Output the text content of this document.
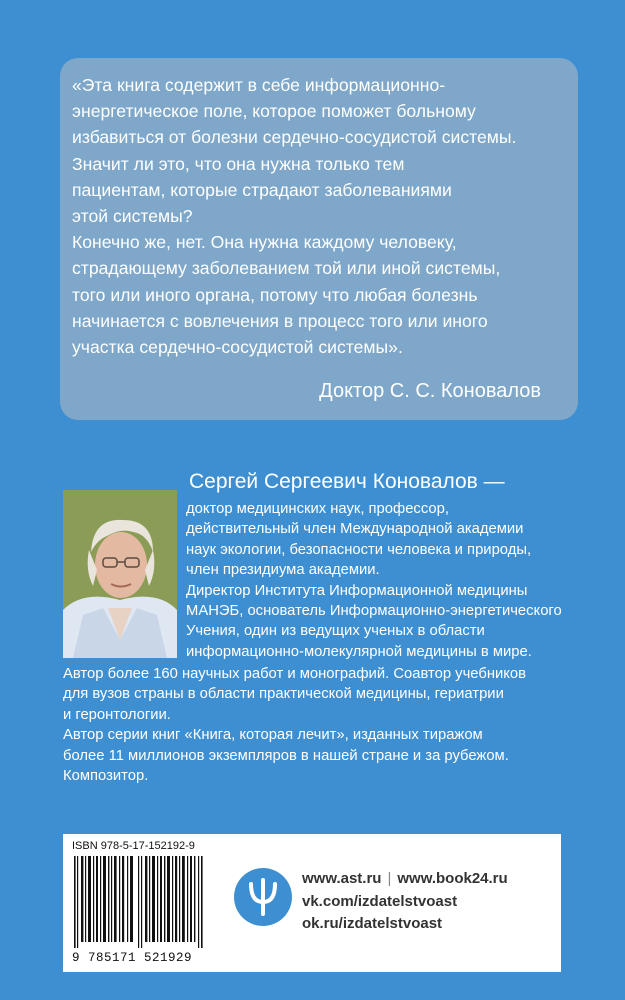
«Эта книга содержит в себе информационно-

энергетическое поле, которое поможет больному

избавиться от болезни сердечно-сосудистой системы.

Значит ли это, что она нужна только тем

пациентам, которые страдают заболеваниями

этой системы?

Конечно же, нет. Она нужна каждому человеку,

страдающему заболеванием той или иной системы,

того или иного органа, потому что любая болезнь

начинается с вовлечения в процесс того или иного

участка сердечно-сосудистой системы».

Доктор С. С. Коновалов

Сергей Сергеевич Коновалов —

доктор медицинских наук, профессор,

действительный член Международной академии

наук экологии, безопасности человека и природы,

член президиума академии.

Директор Института Информационной медицины

МАНЭБ, основатель Информационно-энергетического

Учения, один из ведущих ученых в области

информационно-молекулярной медицины в мире.

Автор более 160 научных работ и монографий. Соавтор учебников

для вузов страны в области практической медицины, гериатрии

и геронтологии.

Автор серии книг «Книга, которая лечит», изданных тиражом

более 11 миллионов экземпляров в нашей стране и за рубежом.

Композитор.

ISBN 978-5-17-152192-9

9 785171 521929

www.ast.ru | www.book24.ru
vk.com/izdatelstvoast
ok.ru/izdatelstvoast
